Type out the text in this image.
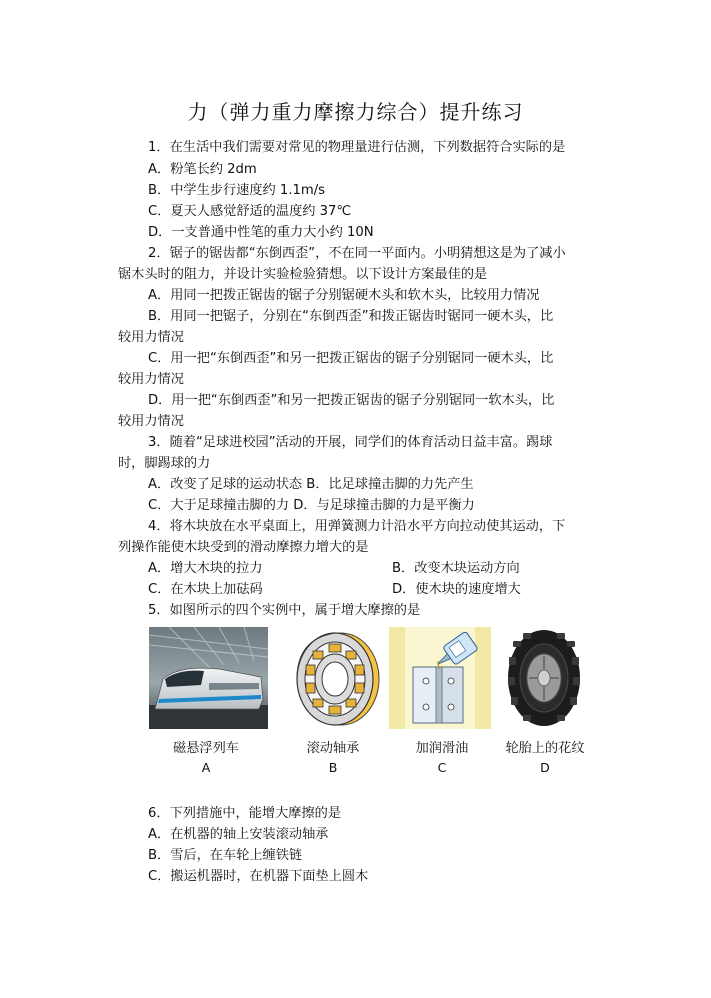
力（弹力重力摩擦力综合）提升练习
1．在生活中我们需要对常见的物理量进行估测，下列数据符合实际的是
A．粉笔长约 2dm
B．中学生步行速度约 1.1m/s
C．夏天人感觉舒适的温度约 37℃
D．一支普通中性笔的重力大小约 10N
2．锯子的锯齿都“东倒西歪”，不在同一平面内。小明猜想这是为了减小
锯木头时的阻力，并设计实验检验猜想。以下设计方案最佳的是
A．用同一把拨正锯齿的锯子分别锯硬木头和软木头，比较用力情况
B．用同一把锯子，分别在“东倒西歪”和拨正锯齿时锯同一硬木头，比
较用力情况
C．用一把“东倒西歪”和另一把拨正锯齿的锯子分别锯同一硬木头，比
较用力情况
D．用一把“东倒西歪”和另一把拨正锯齿的锯子分别锯同一软木头，比
较用力情况
3．随着“足球进校园”活动的开展，同学们的体育活动日益丰富。踢球
时，脚踢球的力
A．改变了足球的运动状态 B．比足球撞击脚的力先产生
C．大于足球撞击脚的力 D．与足球撞击脚的力是平衡力
4．将木块放在水平桌面上，用弹簧测力计沿水平方向拉动使其运动，下
列操作能使木块受到的滑动摩擦力增大的是
A．增大木块的拉力	B．改变木块运动方向
C．在木块上加砝码	D．使木块的速度增大
5．如图所示的四个实例中，属于增大摩擦的是
磁悬浮列车	滚动轴承	加润滑油	轮胎上的花纹
A	B	C	D
6．下列措施中，能增大摩擦的是
A．在机器的轴上安装滚动轴承
B．雪后，在车轮上缠铁链
C．搬运机器时，在机器下面垫上圆木
